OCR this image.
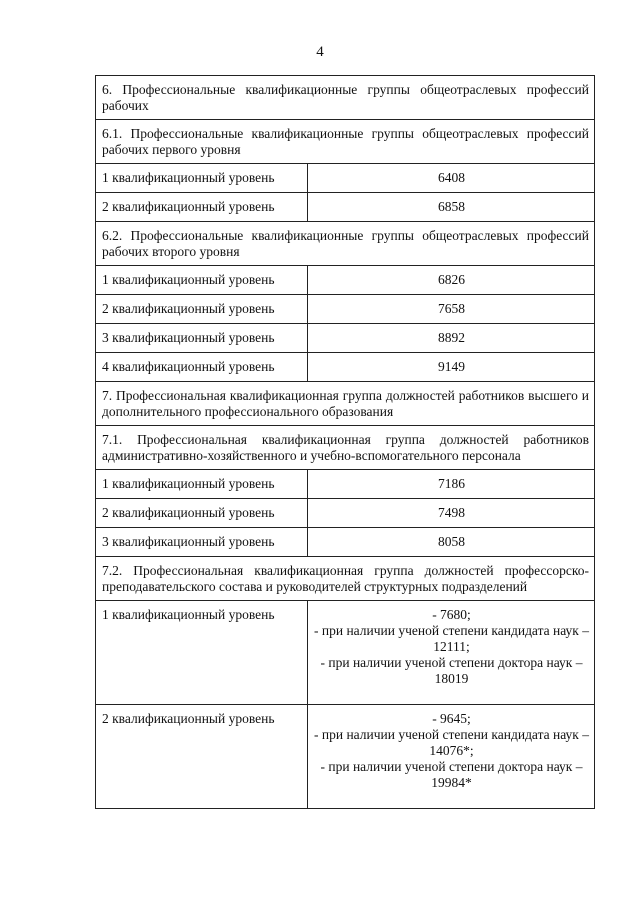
4
6. Профессиональные квалификационные группы общеотраслевых профессий рабочих	
6.1. Профессиональные квалификационные группы общеотраслевых профессий рабочих первого уровня	
1 квалификационный уровень	6408
2 квалификационный уровень	6858
6.2. Профессиональные квалификационные группы общеотраслевых профессий рабочих второго уровня	
1 квалификационный уровень	6826
2 квалификационный уровень	7658
3 квалификационный уровень	8892
4 квалификационный уровень	9149
7. Профессиональная квалификационная группа должностей работников высшего и дополнительного профессионального образования	
7.1. Профессиональная квалификационная группа должностей работников административно-хозяйственного и учебно-вспомогательного персонала	
1 квалификационный уровень	7186
2 квалификационный уровень	7498
3 квалификационный уровень	8058
7.2. Профессиональная квалификационная группа должностей профессорско-преподавательского состава и руководителей структурных подразделений	
1 квалификационный уровень	- 7680;
- при наличии ученой степени кандидата наук – 12111;
- при наличии ученой степени доктора наук – 18019

2 квалификационный уровень	- 9645;
- при наличии ученой степени кандидата наук – 14076*;
- при наличии ученой степени доктора наук – 19984*
